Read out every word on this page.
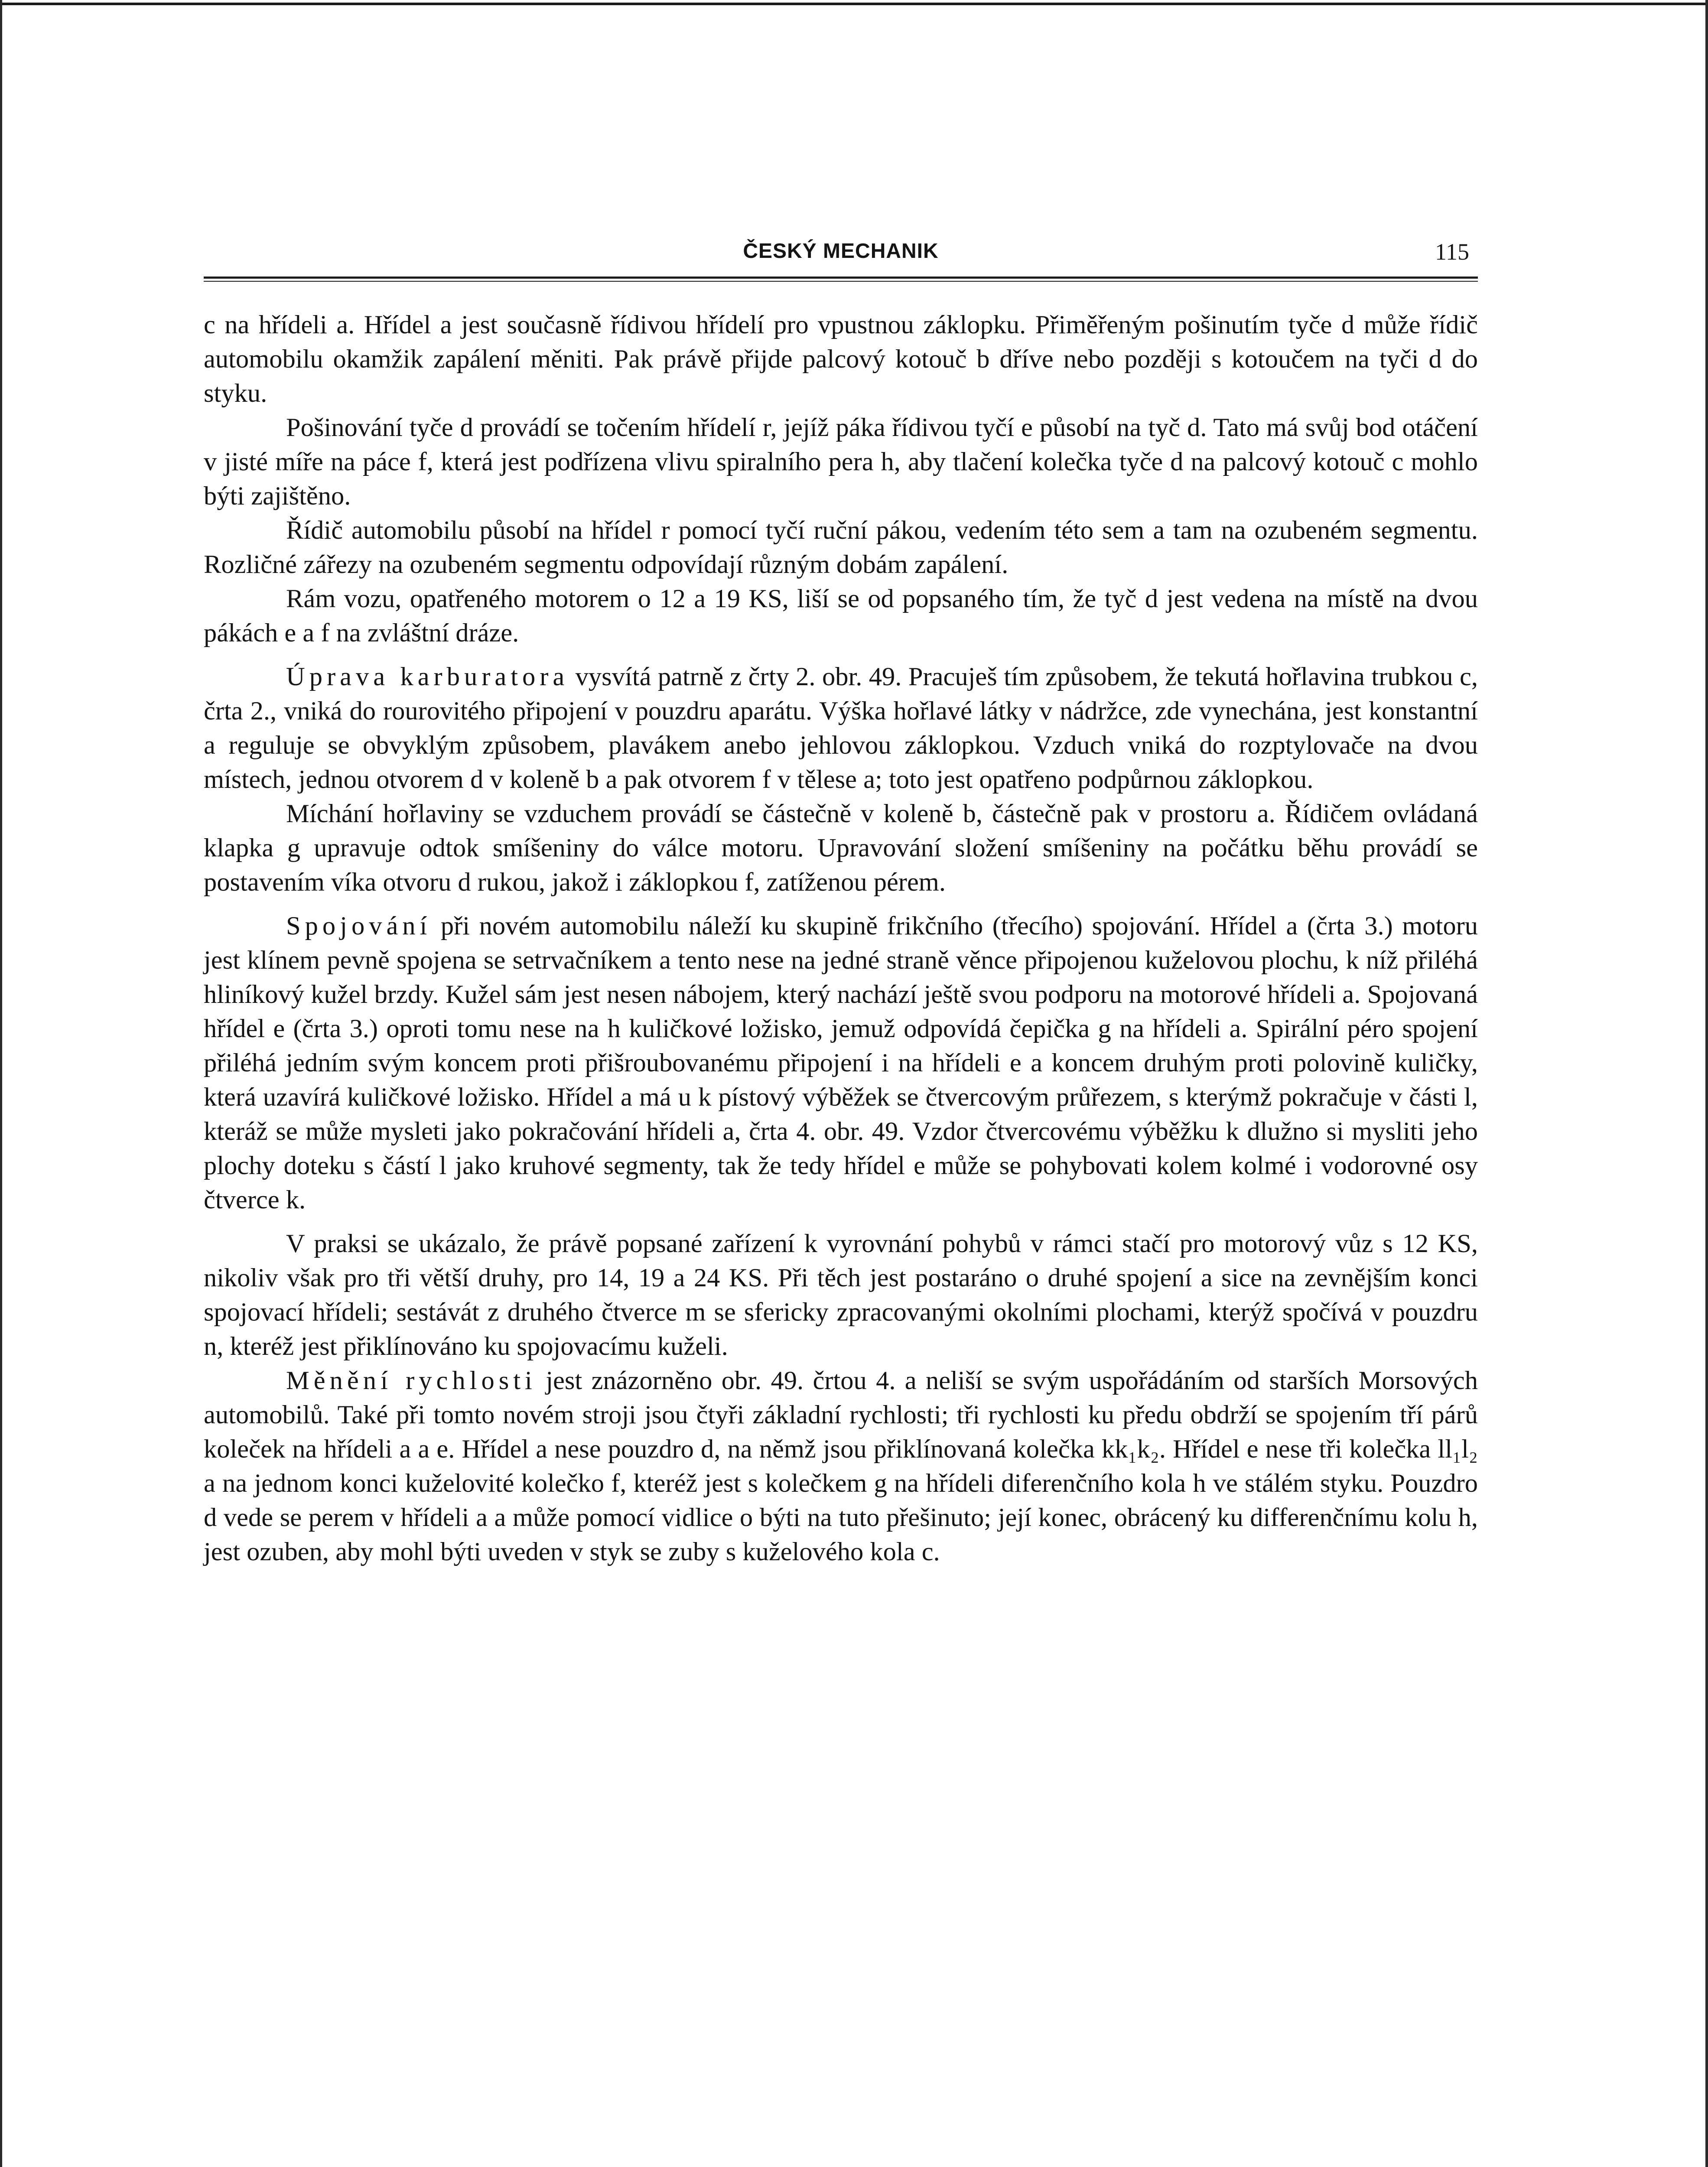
ČESKÝ MECHANIK	115

c na hřídeli a. Hřídel a jest současně řídivou hřídelí pro vpustnou záklopku. Přiměřeným pošinutím tyče d může řídič automobilu okamžik zapálení měniti. Pak právě přijde palcový kotouč b dříve nebo později s kotoučem na tyči d do styku.

Pošinování tyče d provádí se točením hřídelí r, jejíž páka řídivou tyčí e působí na tyč d. Tato má svůj bod otáčení v jisté míře na páce f, která jest podřízena vlivu spiralního pera h, aby tlačení kolečka tyče d na palcový kotouč c mohlo býti zajištěno.

Řídič automobilu působí na hřídel r pomocí tyčí ruční pákou, vedením této sem a tam na ozubeném segmentu. Rozličné zářezy na ozubeném segmentu odpovídají různým dobám zapálení.

Rám vozu, opatřeného motorem o 12 a 19 KS, liší se od popsaného tím, že tyč d jest vedena na místě na dvou pákách e a f na zvláštní dráze.

Úprava karburatora vysvítá patrně z črty 2. obr. 49. Pracuješ tím způsobem, že tekutá hořlavina trubkou c, črta 2., vniká do rourovitého připojení v pouzdru aparátu. Výška hořlavé látky v nádržce, zde vynechána, jest konstantní a reguluje se obvyklým způsobem, plavákem anebo jehlovou záklopkou. Vzduch vniká do rozptylovače na dvou místech, jednou otvorem d v koleně b a pak otvorem f v tělese a; toto jest opatřeno podpůrnou záklopkou.

Míchání hořlaviny se vzduchem provádí se částečně v koleně b, částečně pak v prostoru a. Řídičem ovládaná klapka g upravuje odtok smíšeniny do válce motoru. Upravování složení smíšeniny na počátku běhu provádí se postavením víka otvoru d rukou, jakož i záklopkou f, zatíženou pérem.

Spojování při novém automobilu náleží ku skupině frikčního (třecího) spojování. Hřídel a (črta 3.) motoru jest klínem pevně spojena se setrvačníkem a tento nese na jedné straně věnce připojenou kuželovou plochu, k níž přiléhá hliníkový kužel brzdy. Kužel sám jest nesen nábojem, který nachází ještě svou podporu na motorové hřídeli a. Spojovaná hřídel e (črta 3.) oproti tomu nese na h kuličkové ložisko, jemuž odpovídá čepička g na hřídeli a. Spirální péro spojení přiléhá jedním svým koncem proti přišroubovanému připojení i na hřídeli e a koncem druhým proti polovině kuličky, která uzavírá kuličkové ložisko. Hřídel a má u k pístový výběžek se čtvercovým průřezem, s kterýmž pokračuje v části l, kteráž se může mysleti jako pokračování hřídeli a, črta 4. obr. 49. Vzdor čtvercovému výběžku k dlužno si mysliti jeho plochy doteku s částí l jako kruhové segmenty, tak že tedy hřídel e může se pohybovati kolem kolmé i vodorovné osy čtverce k.

V praksi se ukázalo, že právě popsané zařízení k vyrovnání pohybů v rámci stačí pro motorový vůz s 12 KS, nikoliv však pro tři větší druhy, pro 14, 19 a 24 KS. Při těch jest postaráno o druhé spojení a sice na zevnějším konci spojovací hřídeli; sestávát z druhého čtverce m se sfericky zpracovanými okolními plochami, kterýž spočívá v pouzdru n, kteréž jest přiklínováno ku spojovacímu kuželi.

Měnění rychlosti jest znázorněno obr. 49. črtou 4. a neliší se svým uspořádáním od starších Morsových automobilů. Také při tomto novém stroji jsou čtyři základní rychlosti; tři rychlosti ku předu obdrží se spojením tří párů koleček na hřídeli a a e. Hřídel a nese pouzdro d, na němž jsou přiklínovaná kolečka kk₁k₂. Hřídel e nese tři kolečka ll₁l₂ a na jednom konci kuželovité kolečko f, kteréž jest s kolečkem g na hřídeli diferenčního kola h ve stálém styku. Pouzdro d vede se perem v hřídeli a a může pomocí vidlice o býti na tuto přešinuto; její konec, obrácený ku differenčnímu kolu h, jest ozuben, aby mohl býti uveden v styk se zuby s kuželového kola c.
